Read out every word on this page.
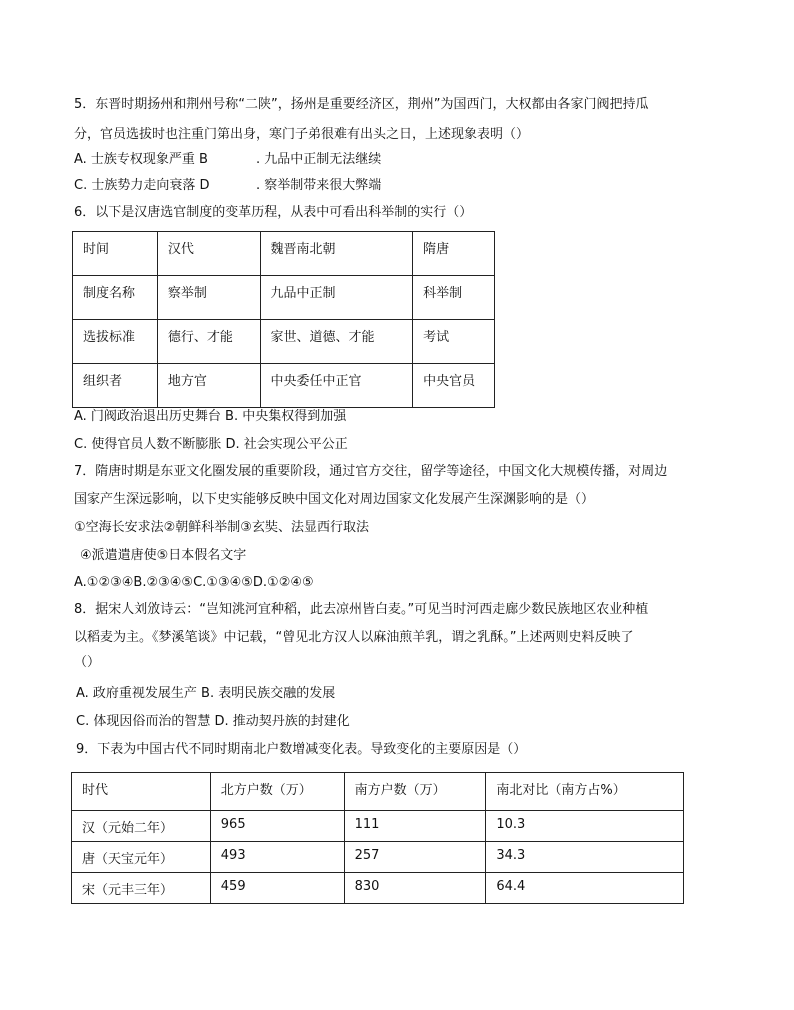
5．东晋时期扬州和荆州号称“二陕”，扬州是重要经济区，荆州”为国西门，大权都由各家门阀把持瓜
分，官员选拔时也注重门第出身，寒门子弟很难有出头之日，上述现象表明（）
A. 士族专权现象严重 B	. 九品中正制无法继续
C. 士族势力走向衰落 D	. 察举制带来很大弊端
6．以下是汉唐选官制度的变革历程，从表中可看出科举制的实行（）
时间	汉代	魏晋南北朝	隋唐
制度名称	察举制	九品中正制	科举制
选拔标准	德行、才能	家世、道德、才能	考试
组织者	地方官	中央委任中正官	中央官员
A. 门阀政治退出历史舞台 B. 中央集权得到加强
C. 使得官员人数不断膨胀 D. 社会实现公平公正
7．隋唐时期是东亚文化圈发展的重要阶段，通过官方交往，留学等途径，中国文化大规模传播，对周边
国家产生深远影响，以下史实能够反映中国文化对周边国家文化发展产生深渊影响的是（）
①空海长安求法②朝鲜科举制③玄奘、法显西行取法
④派遣遣唐使⑤日本假名文字
A.①②③④B.②③④⑤C.①③④⑤D.①②④⑤
8．据宋人刘攽诗云：“岂知洮河宜种稻，此去凉州皆白麦。”可见当时河西走廊少数民族地区农业种植
以稻麦为主。《梦溪笔谈》中记载，“曾见北方汉人以麻油煎羊乳，谓之乳酥。”上述两则史料反映了
（）
A. 政府重视发展生产 B. 表明民族交融的发展
C. 体现因俗而治的智慧 D. 推动契丹族的封建化
9．下表为中国古代不同时期南北户数增减变化表。导致变化的主要原因是（）
时代	北方户数（万）	南方户数（万）	南北对比（南方占%）
汉（元始二年）	965	111	10.3
唐（天宝元年）	493	257	34.3
宋（元丰三年）	459	830	64.4
